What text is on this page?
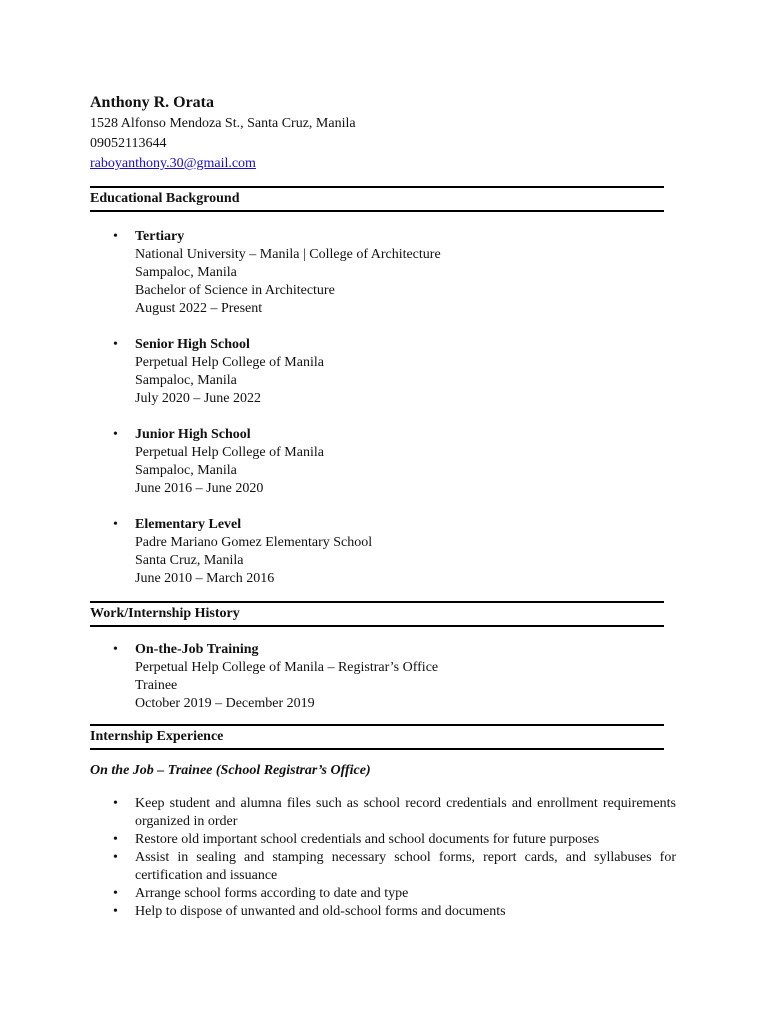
Anthony R. Orata
1528 Alfonso Mendoza St., Santa Cruz, Manila
09052113644
raboyanthony.30@gmail.com
Educational Background
• Tertiary
National University – Manila | College of Architecture
Sampaloc, Manila
Bachelor of Science in Architecture
August 2022 – Present
• Senior High School
Perpetual Help College of Manila
Sampaloc, Manila
July 2020 – June 2022
• Junior High School
Perpetual Help College of Manila
Sampaloc, Manila
June 2016 – June 2020
• Elementary Level
Padre Mariano Gomez Elementary School
Santa Cruz, Manila
June 2010 – March 2016
Work/Internship History
• On-the-Job Training
Perpetual Help College of Manila – Registrar’s Office
Trainee
October 2019 – December 2019
Internship Experience
On the Job – Trainee (School Registrar’s Office)
• Keep student and alumna files such as school record credentials and enrollment requirements organized in order
• Restore old important school credentials and school documents for future purposes
• Assist in sealing and stamping necessary school forms, report cards, and syllabuses for certification and issuance
• Arrange school forms according to date and type
• Help to dispose of unwanted and old-school forms and documents
